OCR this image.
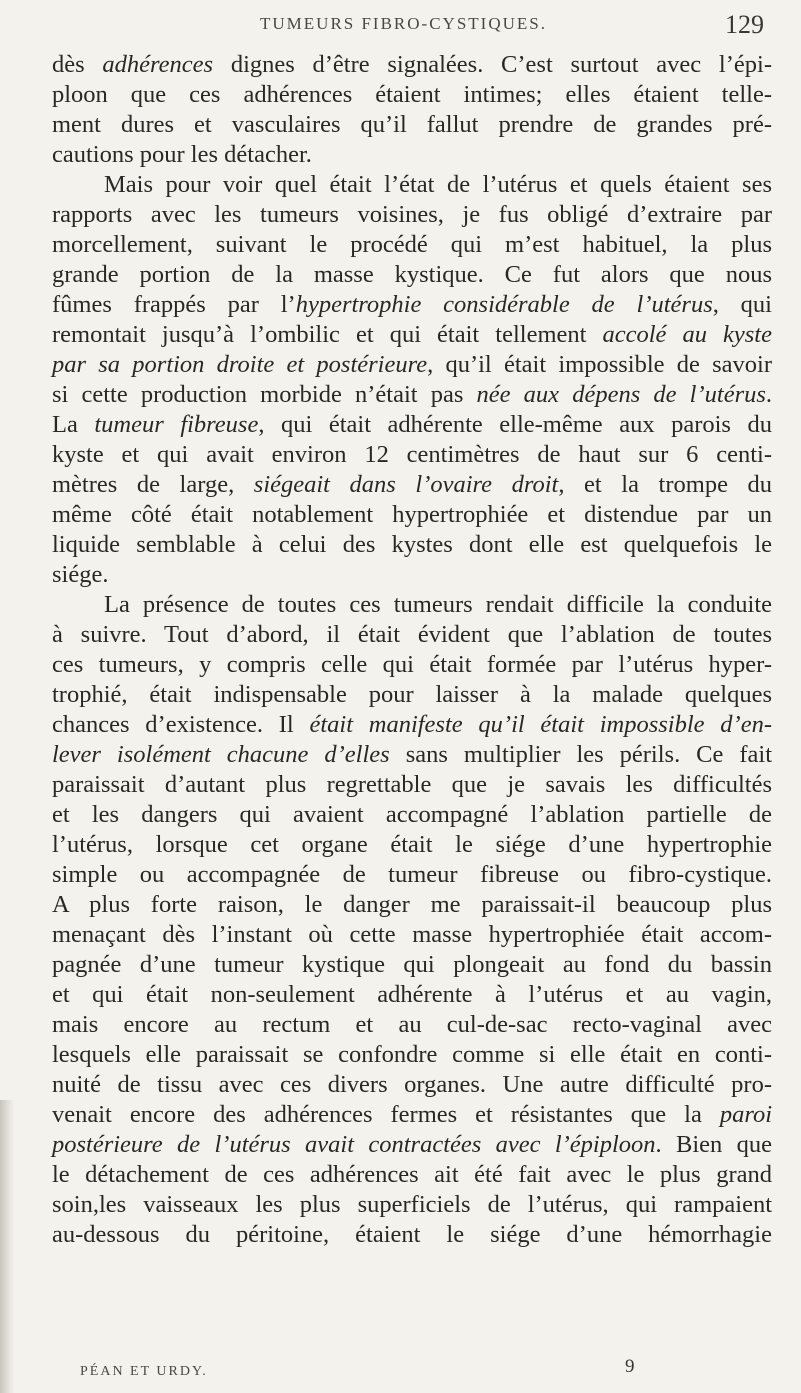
TUMEURS FIBRO-CYSTIQUES.	129
dès adhérences dignes d’être signalées. C’est surtout avec l’épi-
ploon que ces adhérences étaient intimes; elles étaient telle-
ment dures et vasculaires qu’il fallut prendre de grandes pré-
cautions pour les détacher.
Mais pour voir quel était l’état de l’utérus et quels étaient ses
rapports avec les tumeurs voisines, je fus obligé d’extraire par
morcellement, suivant le procédé qui m’est habituel, la plus
grande portion de la masse kystique. Ce fut alors que nous
fûmes frappés par l’hypertrophie considérable de l’utérus, qui
remontait jusqu’à l’ombilic et qui était tellement accolé au kyste
par sa portion droite et postérieure, qu’il était impossible de savoir
si cette production morbide n’était pas née aux dépens de l’utérus.
La tumeur fibreuse, qui était adhérente elle-même aux parois du
kyste et qui avait environ 12 centimètres de haut sur 6 centi-
mètres de large, siégeait dans l’ovaire droit, et la trompe du
même côté était notablement hypertrophiée et distendue par un
liquide semblable à celui des kystes dont elle est quelquefois le
siége.
La présence de toutes ces tumeurs rendait difficile la conduite
à suivre. Tout d’abord, il était évident que l’ablation de toutes
ces tumeurs, y compris celle qui était formée par l’utérus hyper-
trophié, était indispensable pour laisser à la malade quelques
chances d’existence. Il était manifeste qu’il était impossible d’en-
lever isolément chacune d’elles sans multiplier les périls. Ce fait
paraissait d’autant plus regrettable que je savais les difficultés
et les dangers qui avaient accompagné l’ablation partielle de
l’utérus, lorsque cet organe était le siége d’une hypertrophie
simple ou accompagnée de tumeur fibreuse ou fibro-cystique.
A plus forte raison, le danger me paraissait-il beaucoup plus
menaçant dès l’instant où cette masse hypertrophiée était accom-
pagnée d’une tumeur kystique qui plongeait au fond du bassin
et qui était non-seulement adhérente à l’utérus et au vagin,
mais encore au rectum et au cul-de-sac recto-vaginal avec
lesquels elle paraissait se confondre comme si elle était en conti-
nuité de tissu avec ces divers organes. Une autre difficulté pro-
venait encore des adhérences fermes et résistantes que la paroi
postérieure de l’utérus avait contractées avec l’épiploon. Bien que
le détachement de ces adhérences ait été fait avec le plus grand
soin,les vaisseaux les plus superficiels de l’utérus, qui rampaient
au-dessous du péritoine, étaient le siége d’une hémorrhagie
PÉAN ET URDY.	9
